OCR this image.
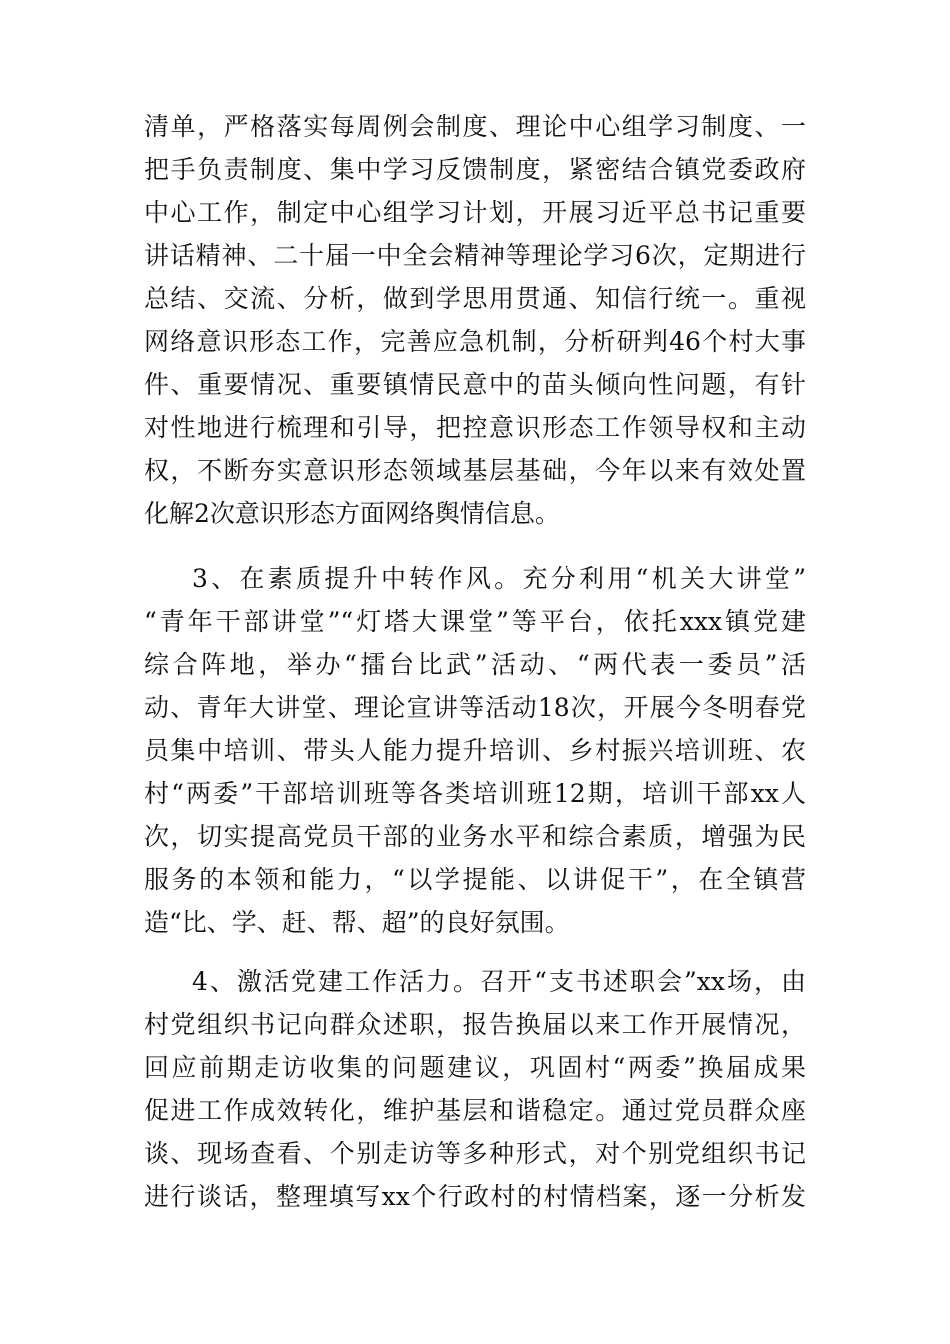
清单，严格落实每周例会制度、理论中心组学习制度、一
把手负责制度、集中学习反馈制度，紧密结合镇党委政府
中心工作，制定中心组学习计划，开展习近平总书记重要
讲话精神、二十届一中全会精神等理论学习6次，定期进行
总结、交流、分析，做到学思用贯通、知信行统一。重视
网络意识形态工作，完善应急机制，分析研判46个村大事
件、重要情况、重要镇情民意中的苗头倾向性问题，有针
对性地进行梳理和引导，把控意识形态工作领导权和主动
权，不断夯实意识形态领域基层基础，今年以来有效处置
化解2次意识形态方面网络舆情信息。
3、在素质提升中转作风。充分利用“机关大讲堂”
“青年干部讲堂”“灯塔大课堂”等平台，依托xxx镇党建
综合阵地，举办“擂台比武”活动、“两代表一委员”活
动、青年大讲堂、理论宣讲等活动18次，开展今冬明春党
员集中培训、带头人能力提升培训、乡村振兴培训班、农
村“两委”干部培训班等各类培训班12期，培训干部xx人
次，切实提高党员干部的业务水平和综合素质，增强为民
服务的本领和能力，“以学提能、以讲促干”，在全镇营
造“比、学、赶、帮、超”的良好氛围。
4、激活党建工作活力。召开“支书述职会”xx场，由
村党组织书记向群众述职，报告换届以来工作开展情况，
回应前期走访收集的问题建议，巩固村“两委”换届成果
促进工作成效转化，维护基层和谐稳定。通过党员群众座
谈、现场查看、个别走访等多种形式，对个别党组织书记
进行谈话，整理填写xx个行政村的村情档案，逐一分析发
